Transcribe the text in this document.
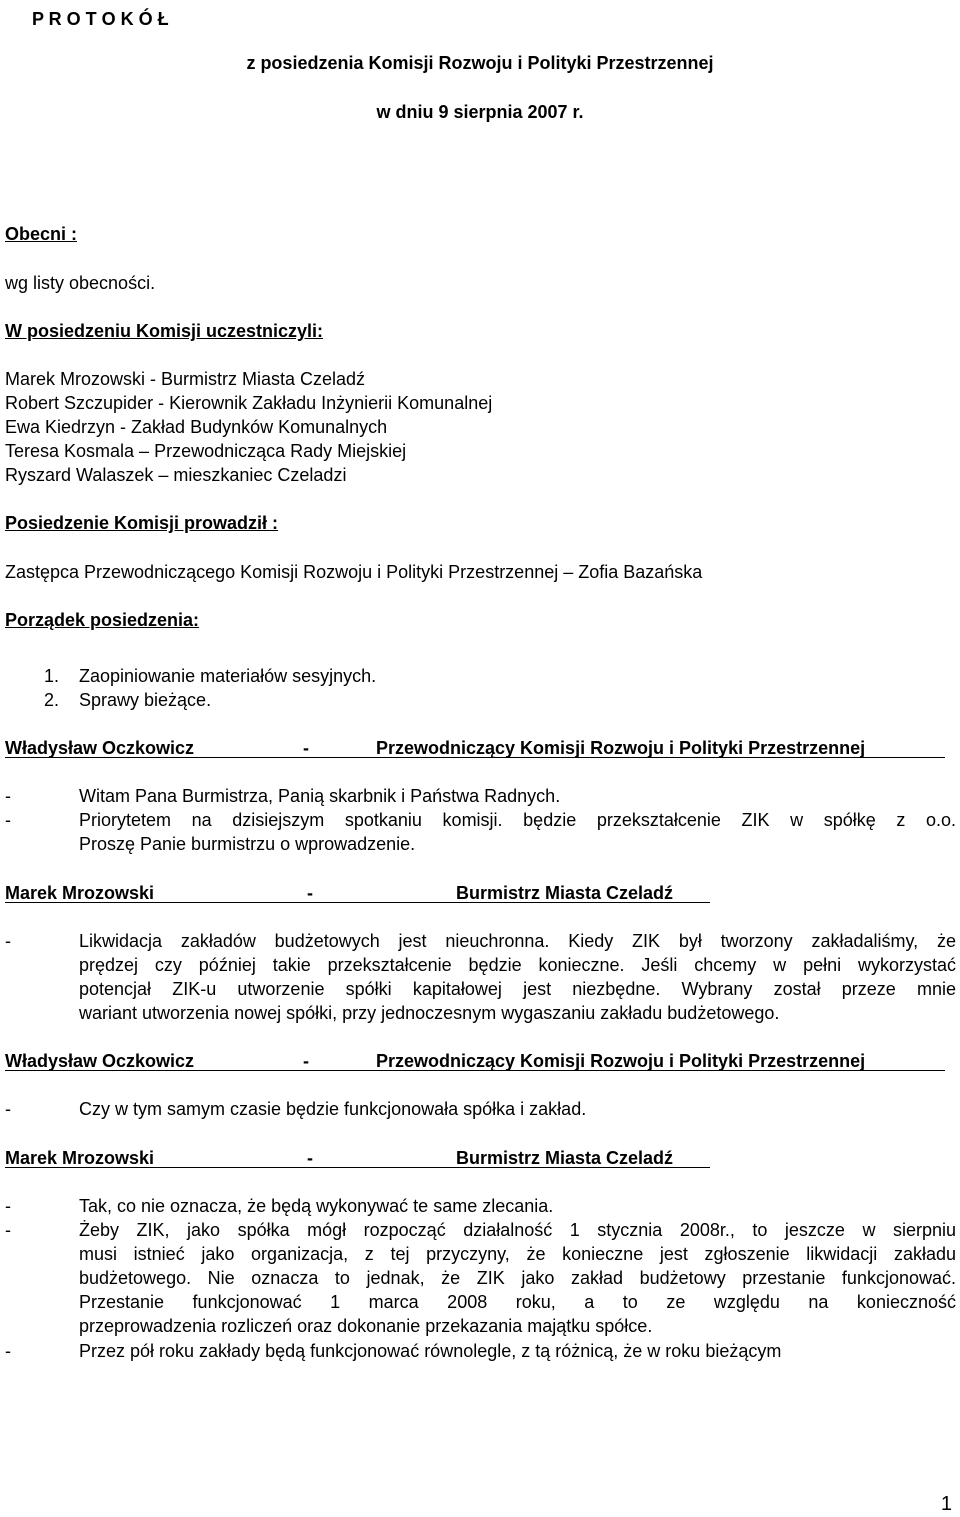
P R O T O K Ó Ł
z posiedzenia Komisji Rozwoju i Polityki Przestrzennej
w dniu 9 sierpnia 2007 r.
Obecni :
wg listy obecności.
W posiedzeniu Komisji uczestniczyli:
Marek Mrozowski - Burmistrz Miasta Czeladź
Robert Szczupider - Kierownik Zakładu Inżynierii Komunalnej
Ewa Kiedrzyn - Zakład Budynków Komunalnych
Teresa Kosmala – Przewodnicząca Rady Miejskiej
Ryszard Walaszek – mieszkaniec Czeladzi
Posiedzenie Komisji prowadził :
Zastępca Przewodniczącego Komisji Rozwoju i Polityki Przestrzennej – Zofia Bazańska
Porządek posiedzenia:
1. Zaopiniowanie materiałów sesyjnych.
2. Sprawy bieżące.
Władysław Oczkowicz	-	Przewodniczący Komisji Rozwoju i Polityki Przestrzennej
-	Witam Pana Burmistrza, Panią skarbnik i Państwa Radnych.
-	Priorytetem na dzisiejszym spotkaniu komisji. będzie przekształcenie ZIK w spółkę z o.o.
Proszę Panie burmistrzu o wprowadzenie.
Marek Mrozowski	-	Burmistrz Miasta Czeladź
-	Likwidacja zakładów budżetowych jest nieuchronna. Kiedy ZIK był tworzony zakładaliśmy, że
prędzej czy później takie przekształcenie będzie konieczne. Jeśli chcemy w pełni wykorzystać
potencjał ZIK-u utworzenie spółki kapitałowej jest niezbędne. Wybrany został przeze mnie
wariant utworzenia nowej spółki, przy jednoczesnym wygaszaniu zakładu budżetowego.
Władysław Oczkowicz	-	Przewodniczący Komisji Rozwoju i Polityki Przestrzennej
-	Czy w tym samym czasie będzie funkcjonowała spółka i zakład.
Marek Mrozowski	-	Burmistrz Miasta Czeladź
-	Tak, co nie oznacza, że będą wykonywać te same zlecania.
-	Żeby ZIK, jako spółka mógł rozpocząć działalność 1 stycznia 2008r., to jeszcze w sierpniu
musi istnieć jako organizacja, z tej przyczyny, że konieczne jest zgłoszenie likwidacji zakładu
budżetowego. Nie oznacza to jednak, że ZIK jako zakład budżetowy przestanie funkcjonować.
Przestanie funkcjonować 1 marca 2008 roku, a to ze względu na konieczność
przeprowadzenia rozliczeń oraz dokonanie przekazania majątku spółce.
-	Przez pół roku zakłady będą funkcjonować równolegle, z tą różnicą, że w roku bieżącym
1
